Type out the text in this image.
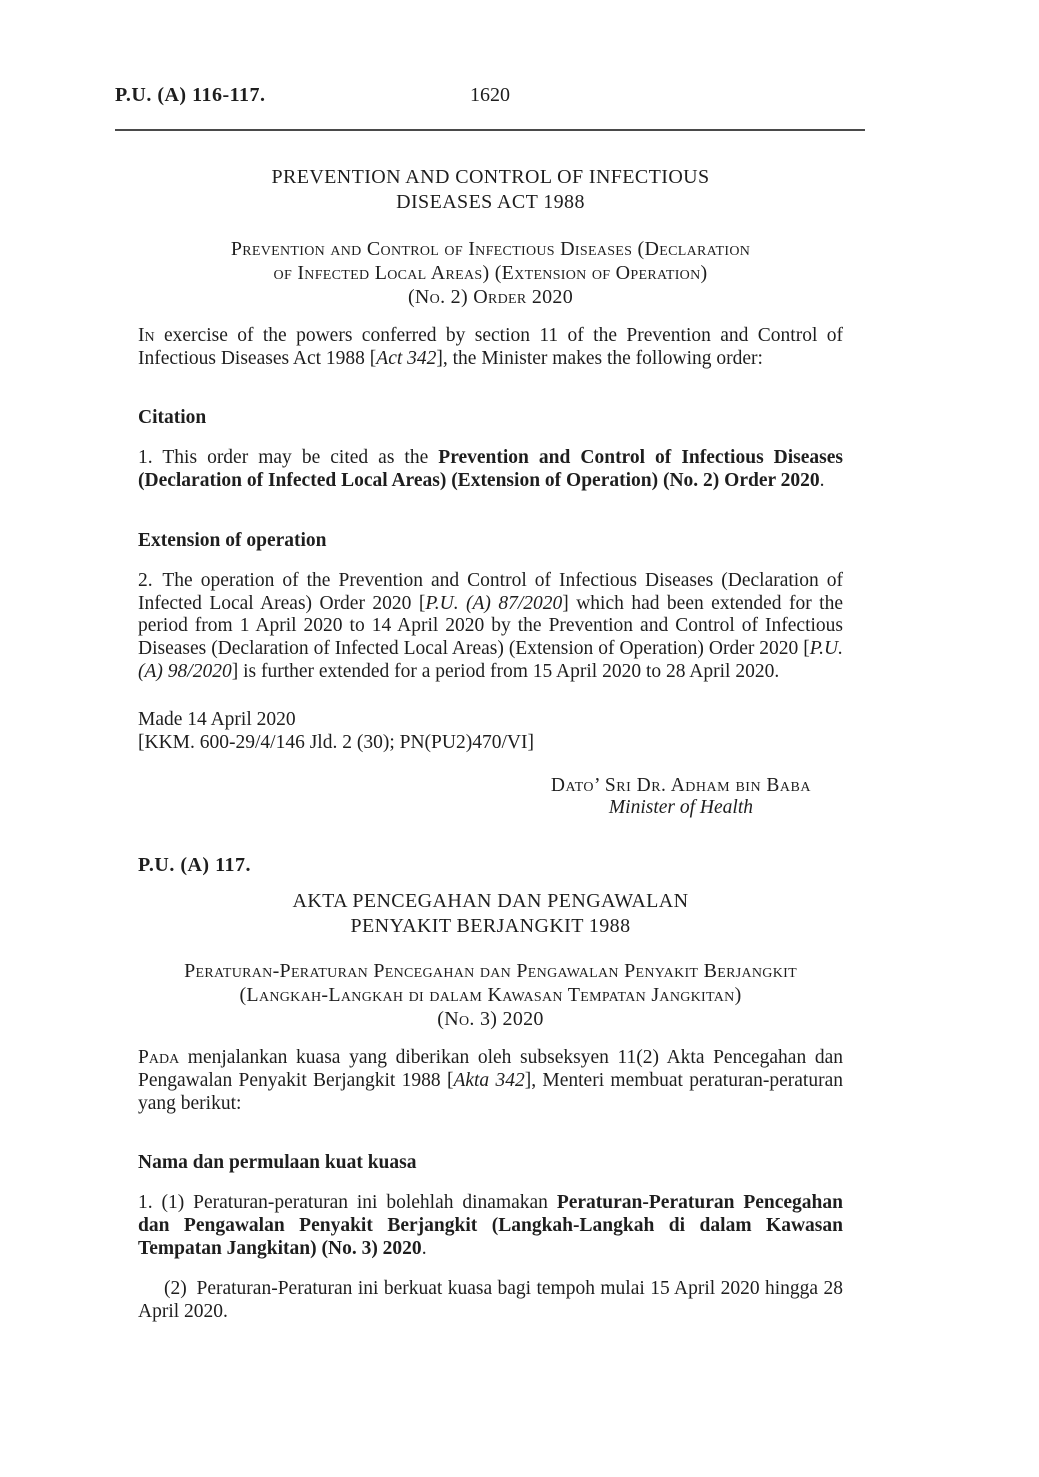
P.U. (A) 116-117.	1620
PREVENTION AND CONTROL OF INFECTIOUS
DISEASES ACT 1988
Prevention and Control of Infectious Diseases (Declaration
of Infected Local Areas) (Extension of Operation)
(No. 2) Order 2020

In exercise of the powers conferred by section 11 of the Prevention and Control of Infectious Diseases Act 1988 [Act 342], the Minister makes the following order:

Citation

1. This order may be cited as the Prevention and Control of Infectious Diseases (Declaration of Infected Local Areas) (Extension of Operation) (No. 2) Order 2020.

Extension of operation

2. The operation of the Prevention and Control of Infectious Diseases (Declaration of Infected Local Areas) Order 2020 [P.U. (A) 87/2020] which had been extended for the period from 1 April 2020 to 14 April 2020 by the Prevention and Control of Infectious Diseases (Declaration of Infected Local Areas) (Extension of Operation) Order 2020 [P.U. (A) 98/2020] is further extended for a period from 15 April 2020 to 28 April 2020.

Made 14 April 2020
[KKM. 600-29/4/146 Jld. 2 (30); PN(PU2)470/VI]
Dato’ Sri Dr. Adham bin Baba
Minister of Health
P.U. (A) 117.
AKTA PENCEGAHAN DAN PENGAWALAN
PENYAKIT BERJANGKIT 1988
Peraturan-Peraturan Pencegahan dan Pengawalan Penyakit Berjangkit
(Langkah-Langkah di dalam Kawasan Tempatan Jangkitan)
(No. 3) 2020

Pada menjalankan kuasa yang diberikan oleh subseksyen 11(2) Akta Pencegahan dan Pengawalan Penyakit Berjangkit 1988 [Akta 342], Menteri membuat peraturan-peraturan yang berikut:

Nama dan permulaan kuat kuasa

1. (1) Peraturan-peraturan ini bolehlah dinamakan Peraturan-Peraturan Pencegahan dan Pengawalan Penyakit Berjangkit (Langkah-Langkah di dalam Kawasan Tempatan Jangkitan) (No. 3) 2020.

(2) Peraturan-Peraturan ini berkuat kuasa bagi tempoh mulai 15 April 2020 hingga 28 April 2020.
